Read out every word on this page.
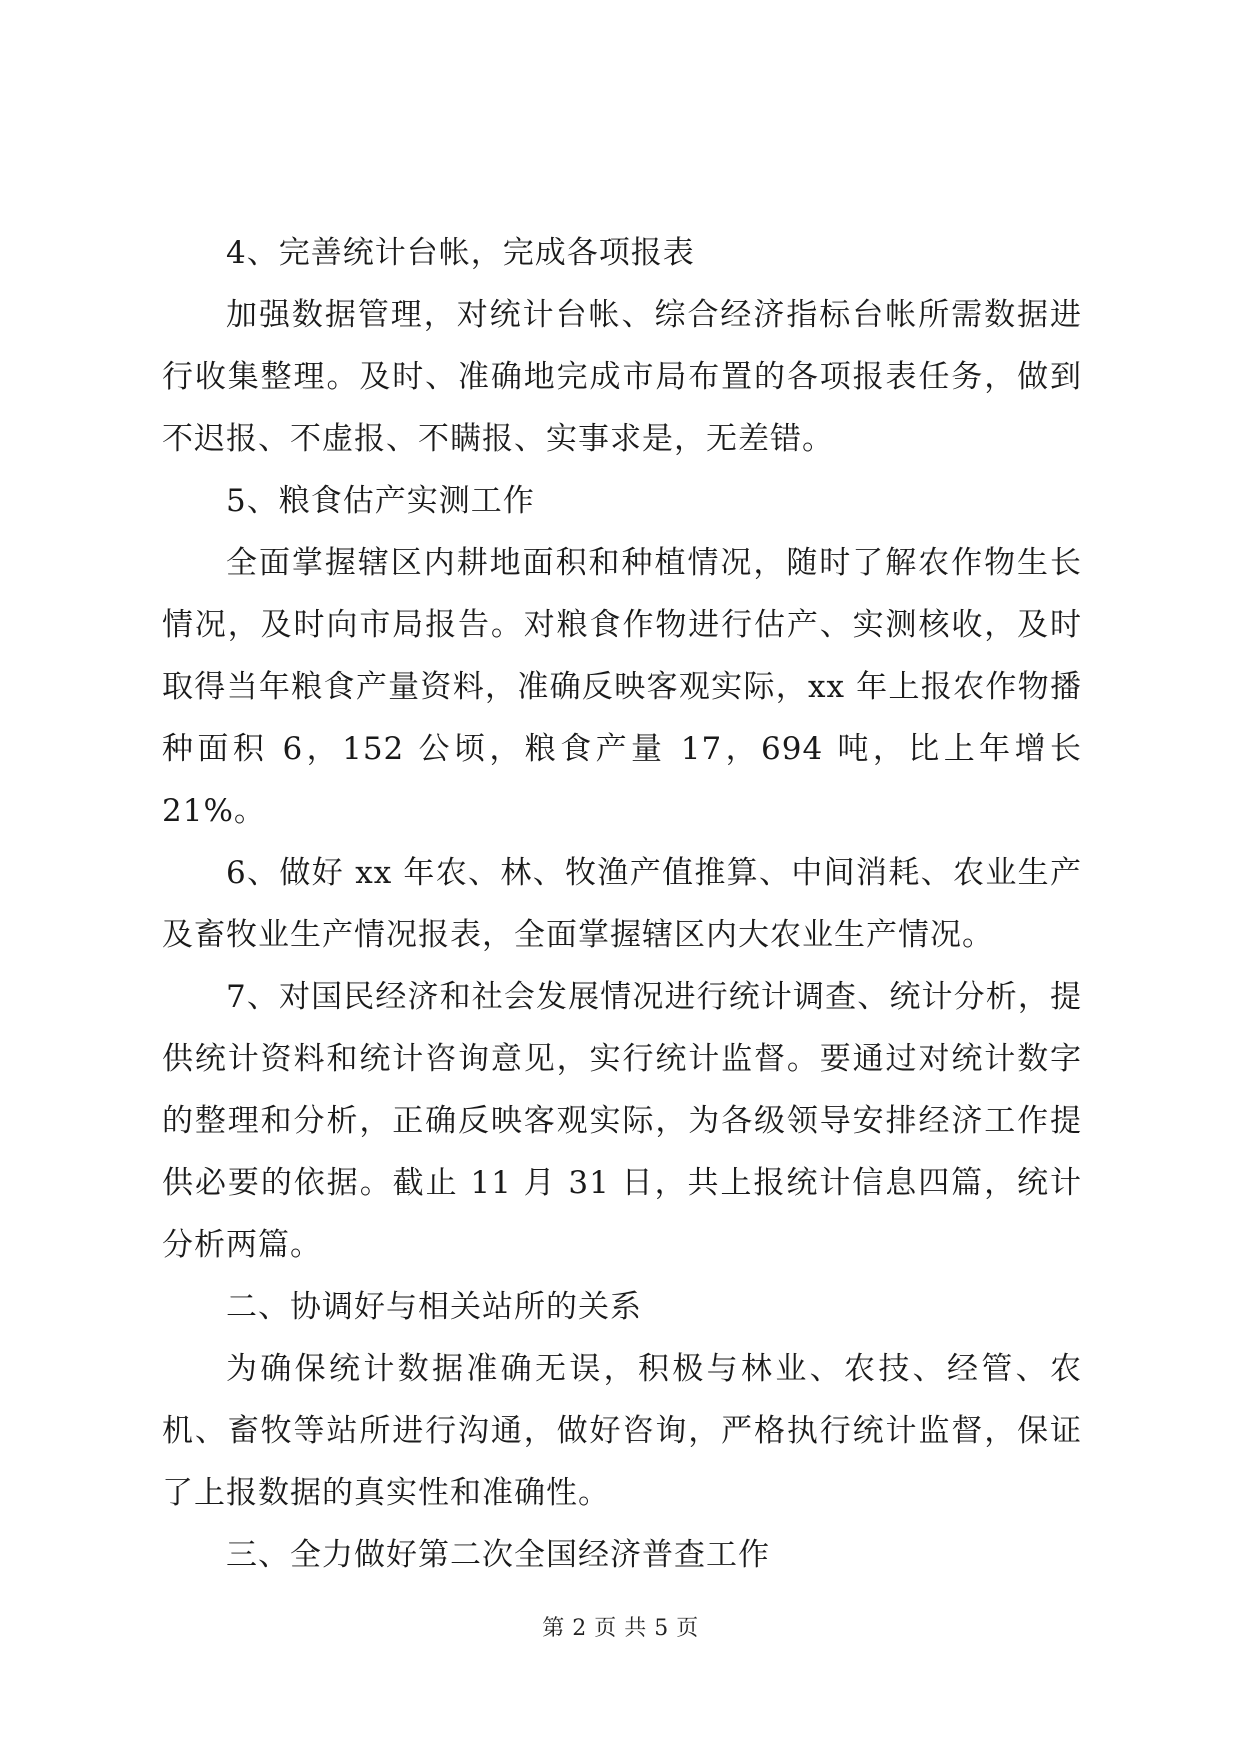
4、完善统计台帐，完成各项报表

加强数据管理，对统计台帐、综合经济指标台帐所需数据进行收集整理。及时、准确地完成市局布置的各项报表任务，做到不迟报、不虚报、不瞒报、实事求是，无差错。

5、粮食估产实测工作

全面掌握辖区内耕地面积和种植情况，随时了解农作物生长情况，及时向市局报告。对粮食作物进行估产、实测核收，及时取得当年粮食产量资料，准确反映客观实际，xx 年上报农作物播种面积 6，152 公顷，粮食产量 17，694 吨，比上年增长 21%。

6、做好 xx 年农、林、牧渔产值推算、中间消耗、农业生产及畜牧业生产情况报表，全面掌握辖区内大农业生产情况。

7、对国民经济和社会发展情况进行统计调查、统计分析，提供统计资料和统计咨询意见，实行统计监督。要通过对统计数字的整理和分析，正确反映客观实际，为各级领导安排经济工作提供必要的依据。截止 11 月 31 日，共上报统计信息四篇，统计分析两篇。

二、协调好与相关站所的关系

为确保统计数据准确无误，积极与林业、农技、经管、农机、畜牧等站所进行沟通，做好咨询，严格执行统计监督，保证了上报数据的真实性和准确性。

三、全力做好第二次全国经济普查工作

第 2 页 共 5 页
